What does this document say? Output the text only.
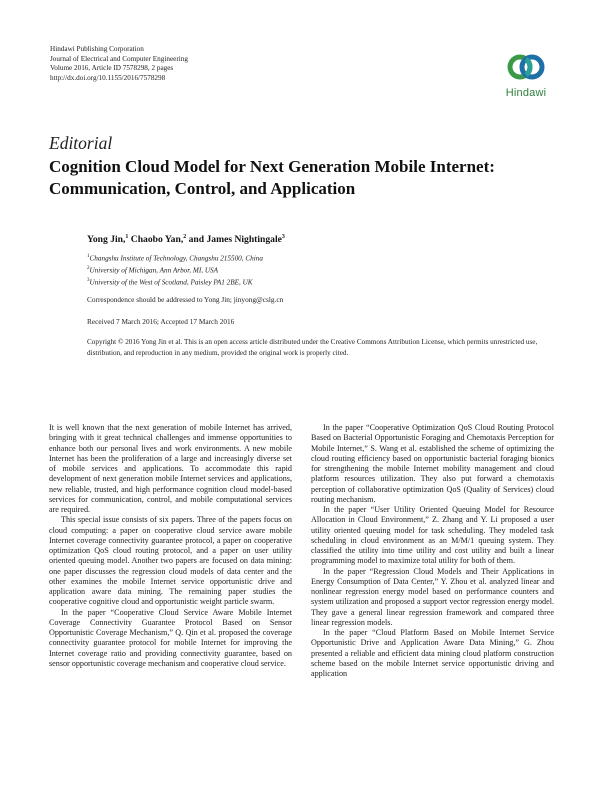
Hindawi Publishing Corporation
Journal of Electrical and Computer Engineering
Volume 2016, Article ID 7578298, 2 pages
http://dx.doi.org/10.1155/2016/7578298
Hindawi
Editorial
Cognition Cloud Model for Next Generation Mobile Internet:
Communication, Control, and Application
Yong Jin,$^1$ Chaobo Yan,$^2$ and James Nightingale$^3$
$^1$Changshu Institute of Technology, Changshu 215500, China
$^2$University of Michigan, Ann Arbor, MI, USA
$^3$University of the West of Scotland, Paisley PA1 2BE, UK
Correspondence should be addressed to Yong Jin; jinyong@cslg.cn
Received 7 March 2016; Accepted 17 March 2016
Copyright © 2016 Yong Jin et al. This is an open access article distributed under the Creative Commons Attribution License, which permits unrestricted use, distribution, and reproduction in any medium, provided the original work is properly cited.

It is well known that the next generation of mobile Internet has arrived, bringing with it great technical challenges and immense opportunities to enhance both our personal lives and work environments. A new mobile Internet has been the proliferation of a large and increasingly diverse set of mobile services and applications. To accommodate this rapid development of next generation mobile Internet services and applications, new reliable, trusted, and high performance cognition cloud model-based services for communication, control, and mobile computational services are required.

This special issue consists of six papers. Three of the papers focus on cloud computing: a paper on cooperative cloud service aware mobile Internet coverage connectivity guarantee protocol, a paper on cooperative optimization QoS cloud routing protocol, and a paper on user utility oriented queuing model. Another two papers are focused on data mining: one paper discusses the regression cloud models of data center and the other examines the mobile Internet service opportunistic drive and application aware data mining. The remaining paper studies the cooperative cognitive cloud and opportunistic weight particle swarm.

In the paper “Cooperative Cloud Service Aware Mobile Internet Coverage Connectivity Guarantee Protocol Based on Sensor Opportunistic Coverage Mechanism,” Q. Qin et al. proposed the coverage connectivity guarantee protocol for mobile Internet for improving the Internet coverage ratio and providing connectivity guarantee, based on sensor opportunistic coverage mechanism and cooperative cloud service.

In the paper “Cooperative Optimization QoS Cloud Routing Protocol Based on Bacterial Opportunistic Foraging and Chemotaxis Perception for Mobile Internet,” S. Wang et al. established the scheme of optimizing the cloud routing efficiency based on opportunistic bacterial foraging bionics for strengthening the mobile Internet mobility management and cloud platform resources utilization. They also put forward a chemotaxis perception of collaborative optimization QoS (Quality of Services) cloud routing mechanism.

In the paper “User Utility Oriented Queuing Model for Resource Allocation in Cloud Environment,” Z. Zhang and Y. Li proposed a user utility oriented queuing model for task scheduling. They modeled task scheduling in cloud environment as an M/M/1 queuing system. They classified the utility into time utility and cost utility and built a linear programming model to maximize total utility for both of them.

In the paper “Regression Cloud Models and Their Applications in Energy Consumption of Data Center,” Y. Zhou et al. analyzed linear and nonlinear regression energy model based on performance counters and system utilization and proposed a support vector regression energy model. They gave a general linear regression framework and compared three linear regression models.

In the paper “Cloud Platform Based on Mobile Internet Service Opportunistic Drive and Application Aware Data Mining,” G. Zhou presented a reliable and efficient data mining cloud platform construction scheme based on the mobile Internet service opportunistic driving and application
